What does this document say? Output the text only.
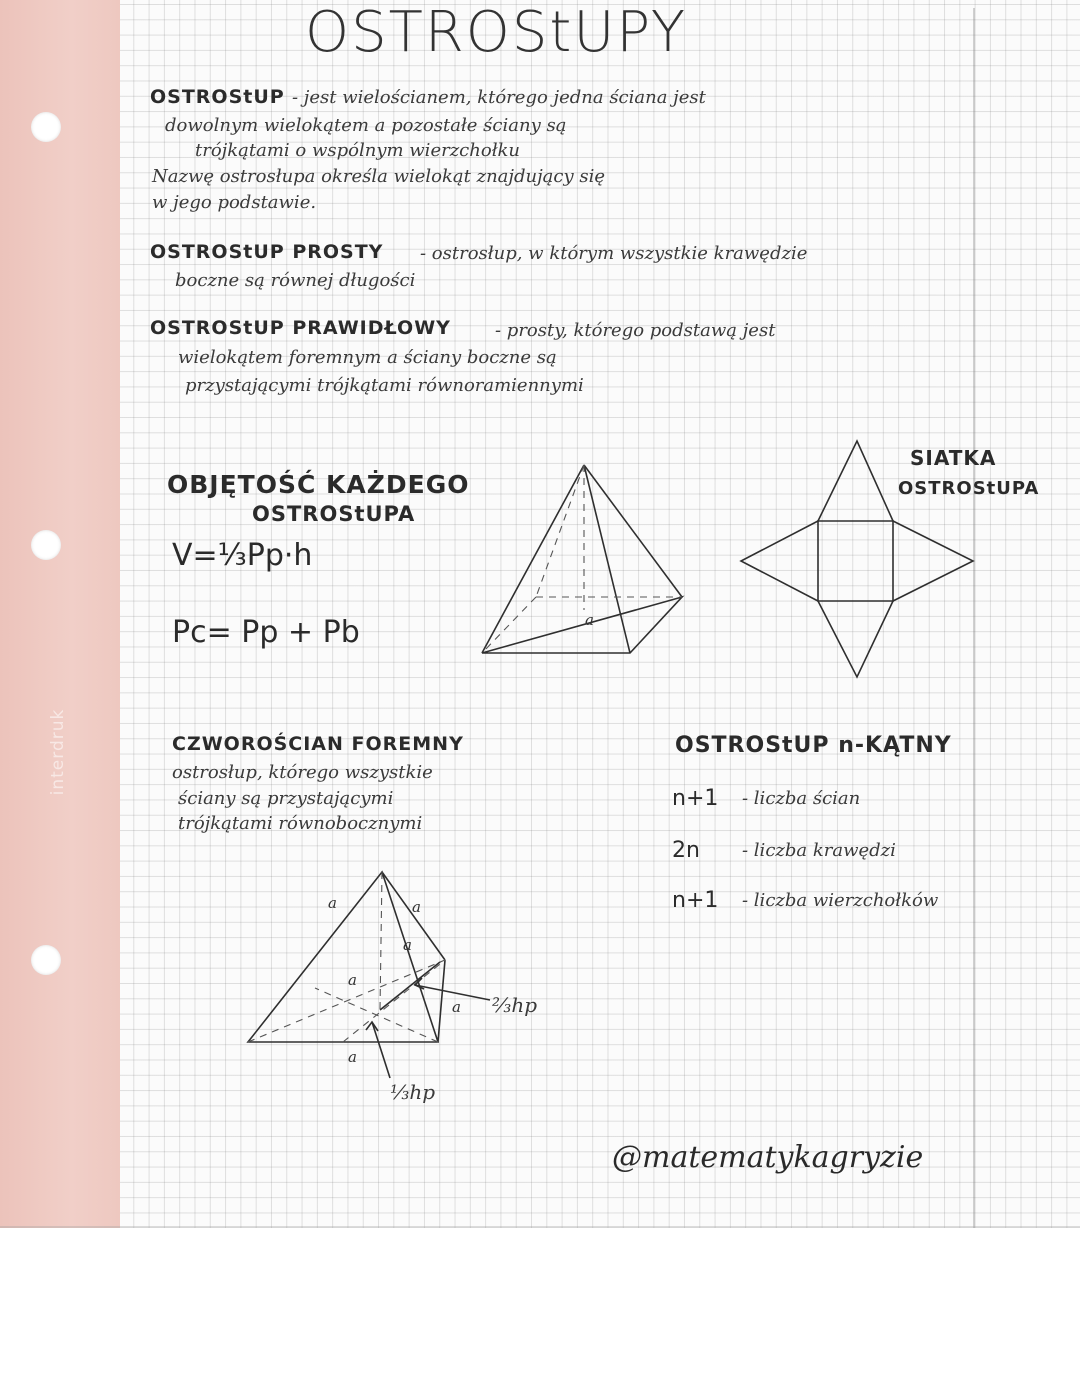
interdruk
OSTROStUPY
OSTROStUP - jest wielościanem, którego jedna ściana jest
dowolnym wielokątem a pozostałe ściany są
trójkątami o wspólnym wierzchołku
Nazwę ostrosłupa określa wielokąt znajdujący się
w jego podstawie.
OSTROStUP PROSTY - ostrosłup, w którym wszystkie krawędzie
boczne są równej długości
OSTROStUP PRAWIDŁOWY - prosty, którego podstawą jest
wielokątem foremnym a ściany boczne są
przystającymi trójkątami równoramiennymi
OBJĘTOŚĆ KAŻDEGO
OSTROStUPA
V=⅓Pp·h
Pc= Pp + Pb	a
SIATKA
OSTROStUPA
CZWOROŚCIAN FOREMNY
ostrosłup, którego wszystkie
ściany są przystającymi
trójkątami równobocznymi
a	a
a
a
a
a
⅔hp
⅓hp
OSTROStUP n-KĄTNY
n+1 - liczba ścian
2n - liczba krawędzi
n+1 - liczba wierzchołków
@matematykagryzie
